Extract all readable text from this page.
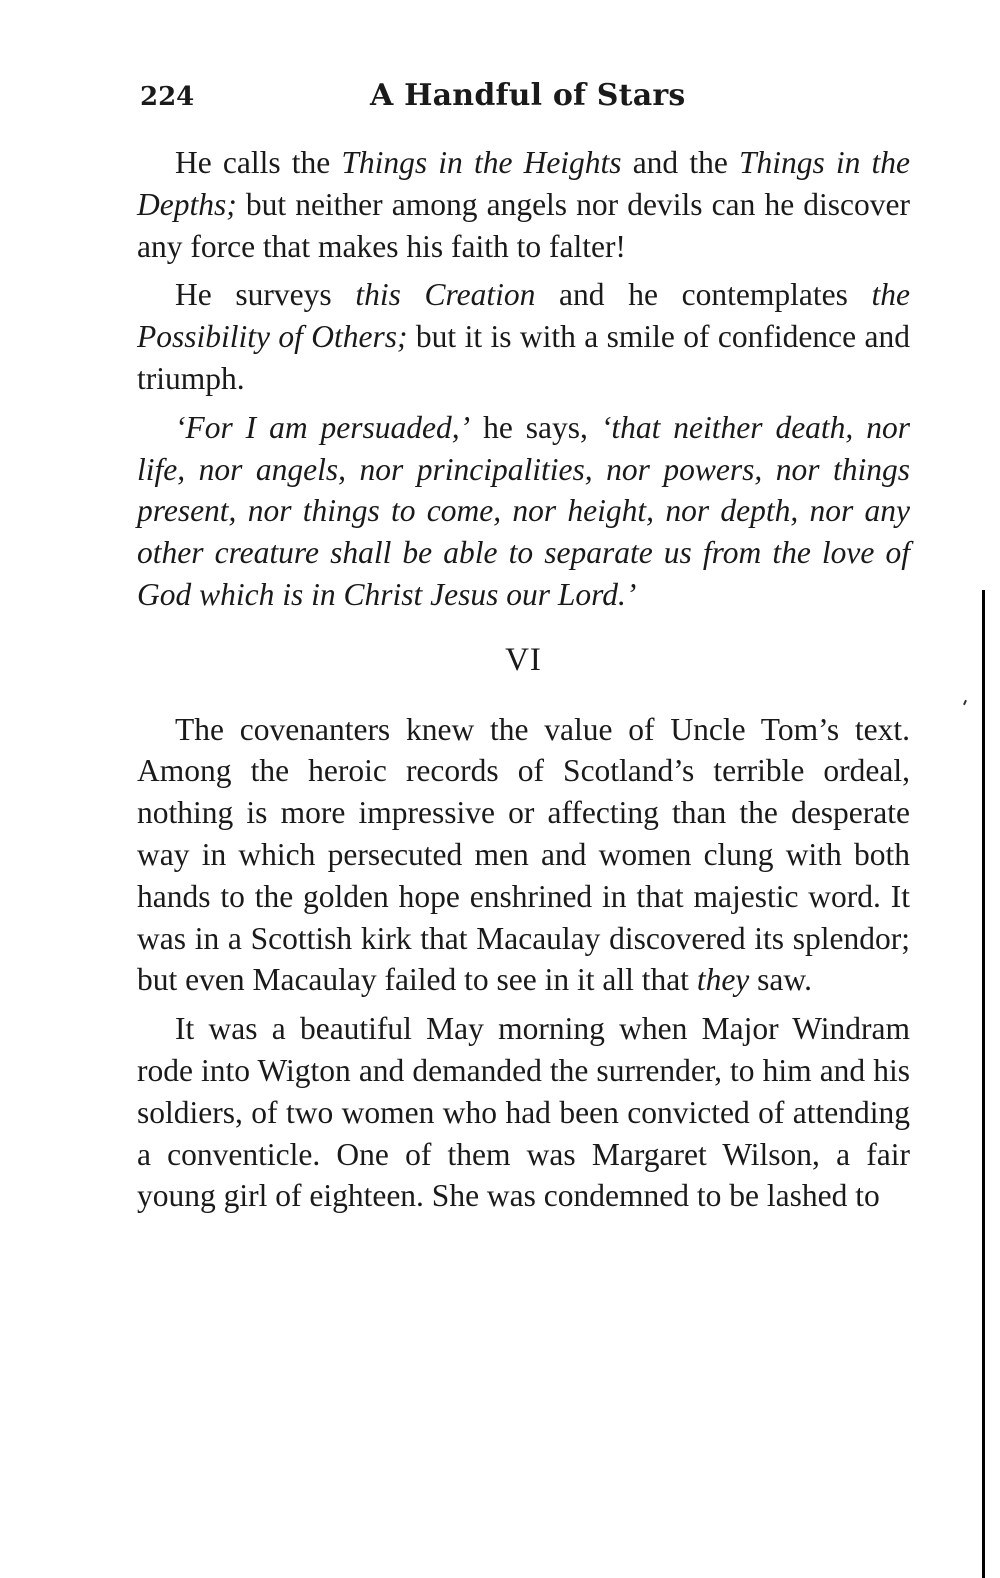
224	A Handful of Stars

He calls the Things in the Heights and the Things in the Depths; but neither among angels nor devils can he discover any force that makes his faith to falter!

He surveys this Creation and he contemplates the Possibility of Others; but it is with a smile of confidence and triumph.

‘For I am persuaded,’ he says, ‘that neither death, nor life, nor angels, nor principalities, nor powers, nor things present, nor things to come, nor height, nor depth, nor any other creature shall be able to separate us from the love of God which is in Christ Jesus our Lord.’

VI

The covenanters knew the value of Uncle Tom’s text. Among the heroic records of Scotland’s terrible ordeal, nothing is more impressive or affecting than the desperate way in which persecuted men and women clung with both hands to the golden hope enshrined in that majestic word. It was in a Scottish kirk that Macaulay discovered its splendor; but even Macaulay failed to see in it all that they saw.

It was a beautiful May morning when Major Windram rode into Wigton and demanded the surrender, to him and his soldiers, of two women who had been convicted of attending a conventicle. One of them was Margaret Wilson, a fair young girl of eighteen. She was condemned to be lashed to
